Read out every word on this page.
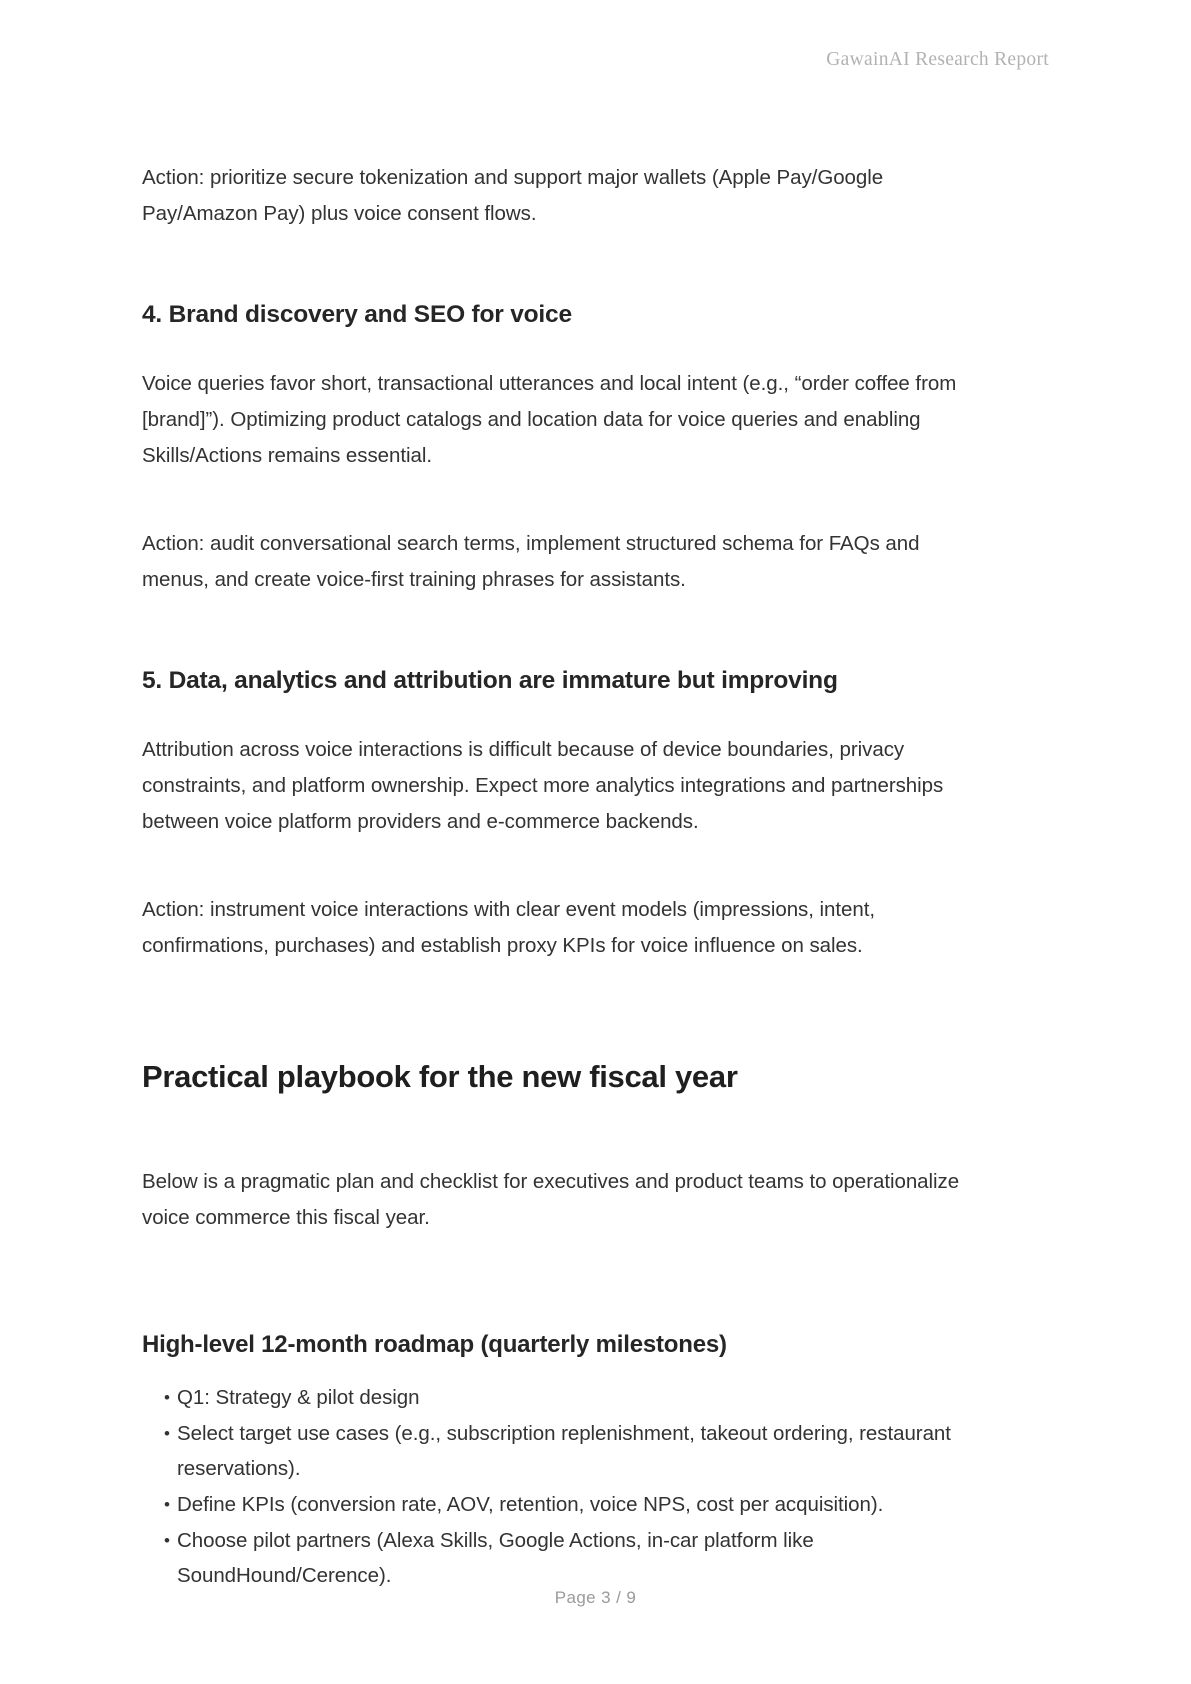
GawainAI Research Report

Action: prioritize secure tokenization and support major wallets (Apple Pay/Google Pay/Amazon Pay) plus voice consent flows.

4. Brand discovery and SEO for voice

Voice queries favor short, transactional utterances and local intent (e.g., “order coffee from [brand]”). Optimizing product catalogs and location data for voice queries and enabling Skills/Actions remains essential.

Action: audit conversational search terms, implement structured schema for FAQs and menus, and create voice-first training phrases for assistants.

5. Data, analytics and attribution are immature but improving

Attribution across voice interactions is difficult because of device boundaries, privacy constraints, and platform ownership. Expect more analytics integrations and partnerships between voice platform providers and e-commerce backends.

Action: instrument voice interactions with clear event models (impressions, intent, confirmations, purchases) and establish proxy KPIs for voice influence on sales.

Practical playbook for the new fiscal year

Below is a pragmatic plan and checklist for executives and product teams to operationalize voice commerce this fiscal year.

High-level 12-month roadmap (quarterly milestones)
• Q1: Strategy & pilot design
• Select target use cases (e.g., subscription replenishment, takeout ordering, restaurant reservations).
• Define KPIs (conversion rate, AOV, retention, voice NPS, cost per acquisition).
• Choose pilot partners (Alexa Skills, Google Actions, in-car platform like SoundHound/Cerence).
Page 3 / 9
